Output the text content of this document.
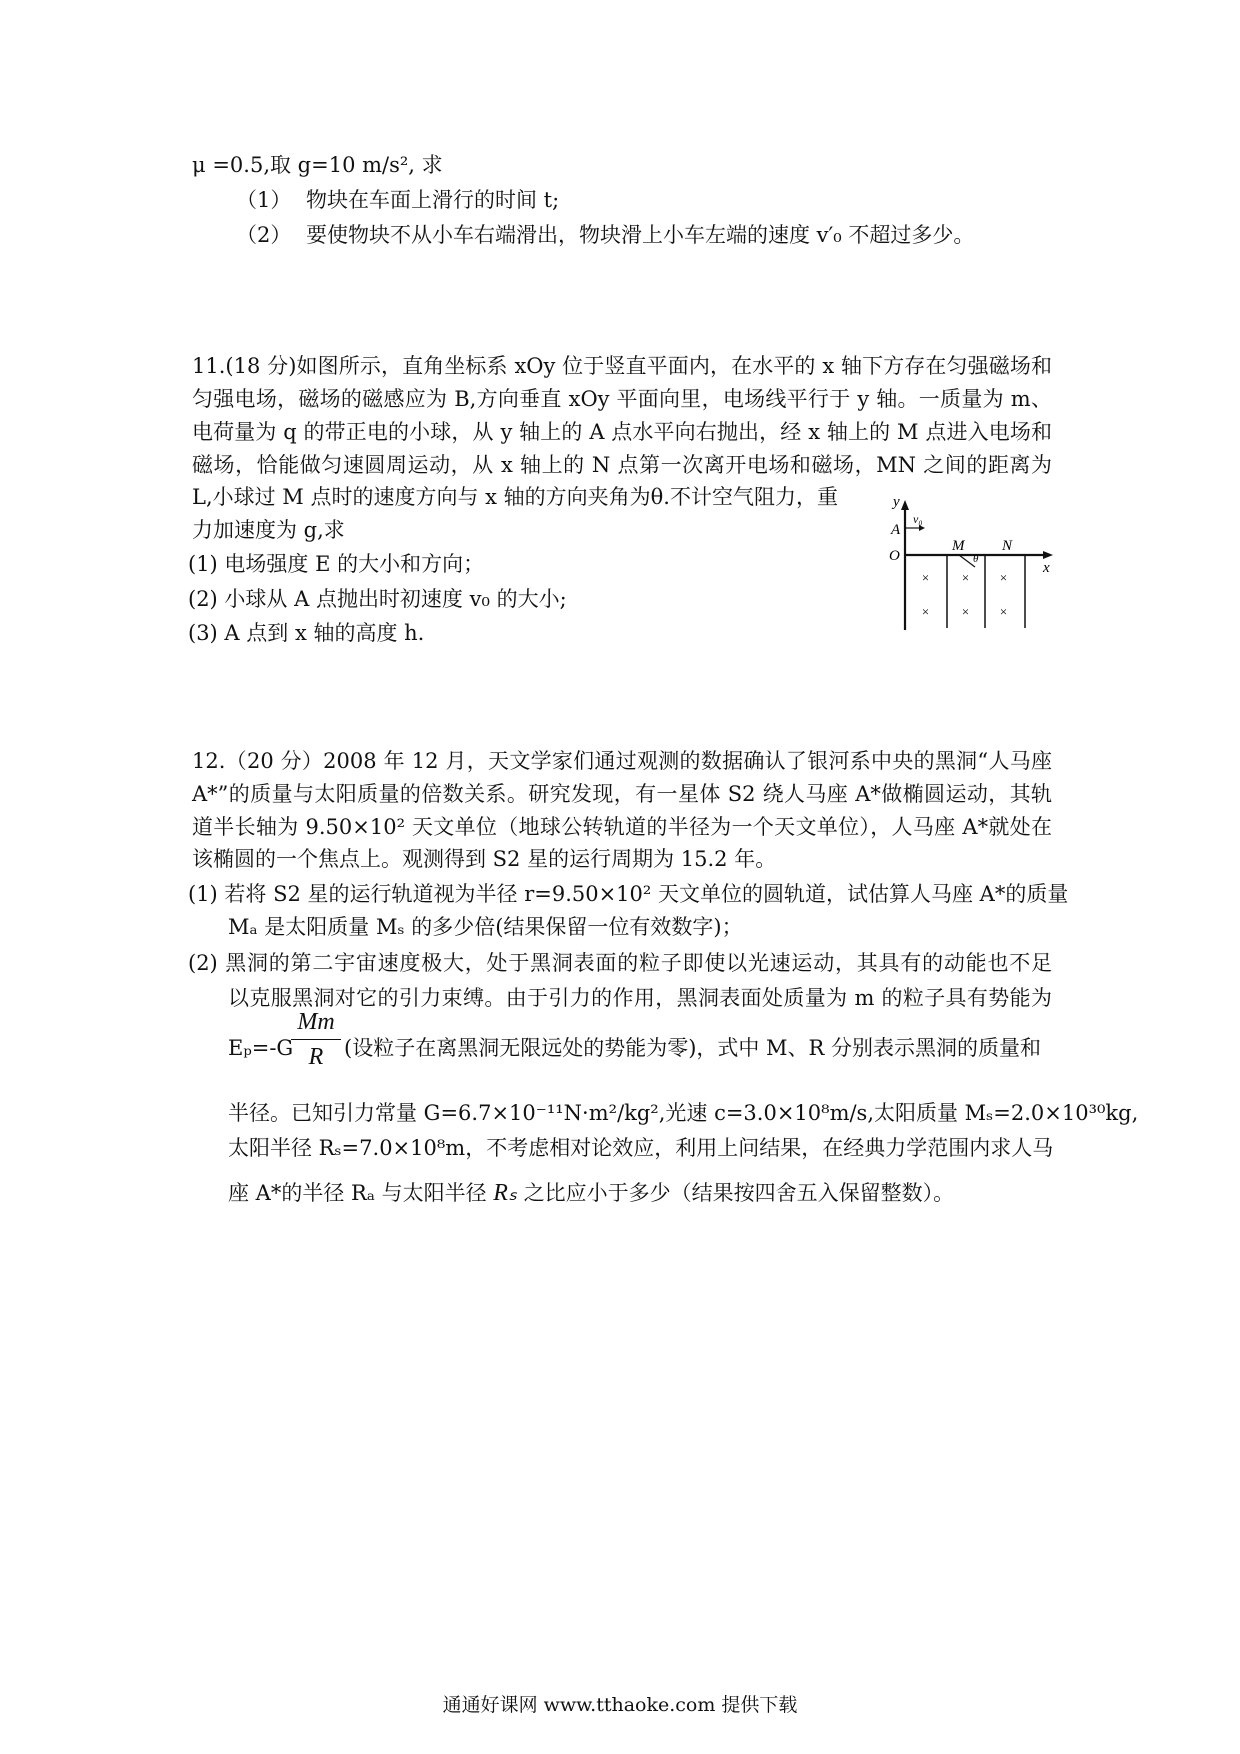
μ =0.5,取 g=10 m/s², 求
（1） 物块在车面上滑行的时间 t;
（2） 要使物块不从小车右端滑出，物块滑上小车左端的速度 v′₀ 不超过多少。
11.(18 分)如图所示，直角坐标系 xOy 位于竖直平面内，在水平的 x 轴下方存在匀强磁场和
匀强电场，磁场的磁感应为 B,方向垂直 xOy 平面向里，电场线平行于 y 轴。一质量为 m、
电荷量为 q 的带正电的小球，从 y 轴上的 A 点水平向右抛出，经 x 轴上的 M 点进入电场和
磁场，恰能做匀速圆周运动，从 x 轴上的 N 点第一次离开电场和磁场，MN 之间的距离为
L,小球过 M 点时的速度方向与 x 轴的方向夹角为θ.不计空气阻力，重
力加速度为 g,求
(1) 电场强度 E 的大小和方向；
(2) 小球从 A 点抛出时初速度 v₀ 的大小;
(3) A 点到 x 轴的高度 h.
y
A
v₀
O
M	N
x
θ
× × ×
× × ×
12.（20 分）2008 年 12 月，天文学家们通过观测的数据确认了银河系中央的黑洞“人马座
A*”的质量与太阳质量的倍数关系。研究发现，有一星体 S2 绕人马座 A*做椭圆运动，其轨
道半长轴为 9.50×10² 天文单位（地球公转轨道的半径为一个天文单位），人马座 A*就处在
该椭圆的一个焦点上。观测得到 S2 星的运行周期为 15.2 年。
(1) 若将 S2 星的运行轨道视为半径 r=9.50×10² 天文单位的圆轨道，试估算人马座 A*的质量
Mₐ 是太阳质量 Mₛ 的多少倍(结果保留一位有效数字)；
(2) 黑洞的第二宇宙速度极大，处于黑洞表面的粒子即使以光速运动，其具有的动能也不足
以克服黑洞对它的引力束缚。由于引力的作用，黑洞表面处质量为 m 的粒子具有势能为
Eₚ=-G
Mm
R (设粒子在离黑洞无限远处的势能为零)，式中 M、R 分别表示黑洞的质量和
半径。已知引力常量 G=6.7×10⁻¹¹N·m²/kg²,光速 c=3.0×10⁸m/s,太阳质量 Mₛ=2.0×10³⁰kg,
太阳半径 Rₛ=7.0×10⁸m，不考虑相对论效应，利用上问结果，在经典力学范围内求人马
座 A*的半径 Rₐ 与太阳半径 Rₛ 之比应小于多少（结果按四舍五入保留整数）。
通通好课网 www.tthaoke.com 提供下载
